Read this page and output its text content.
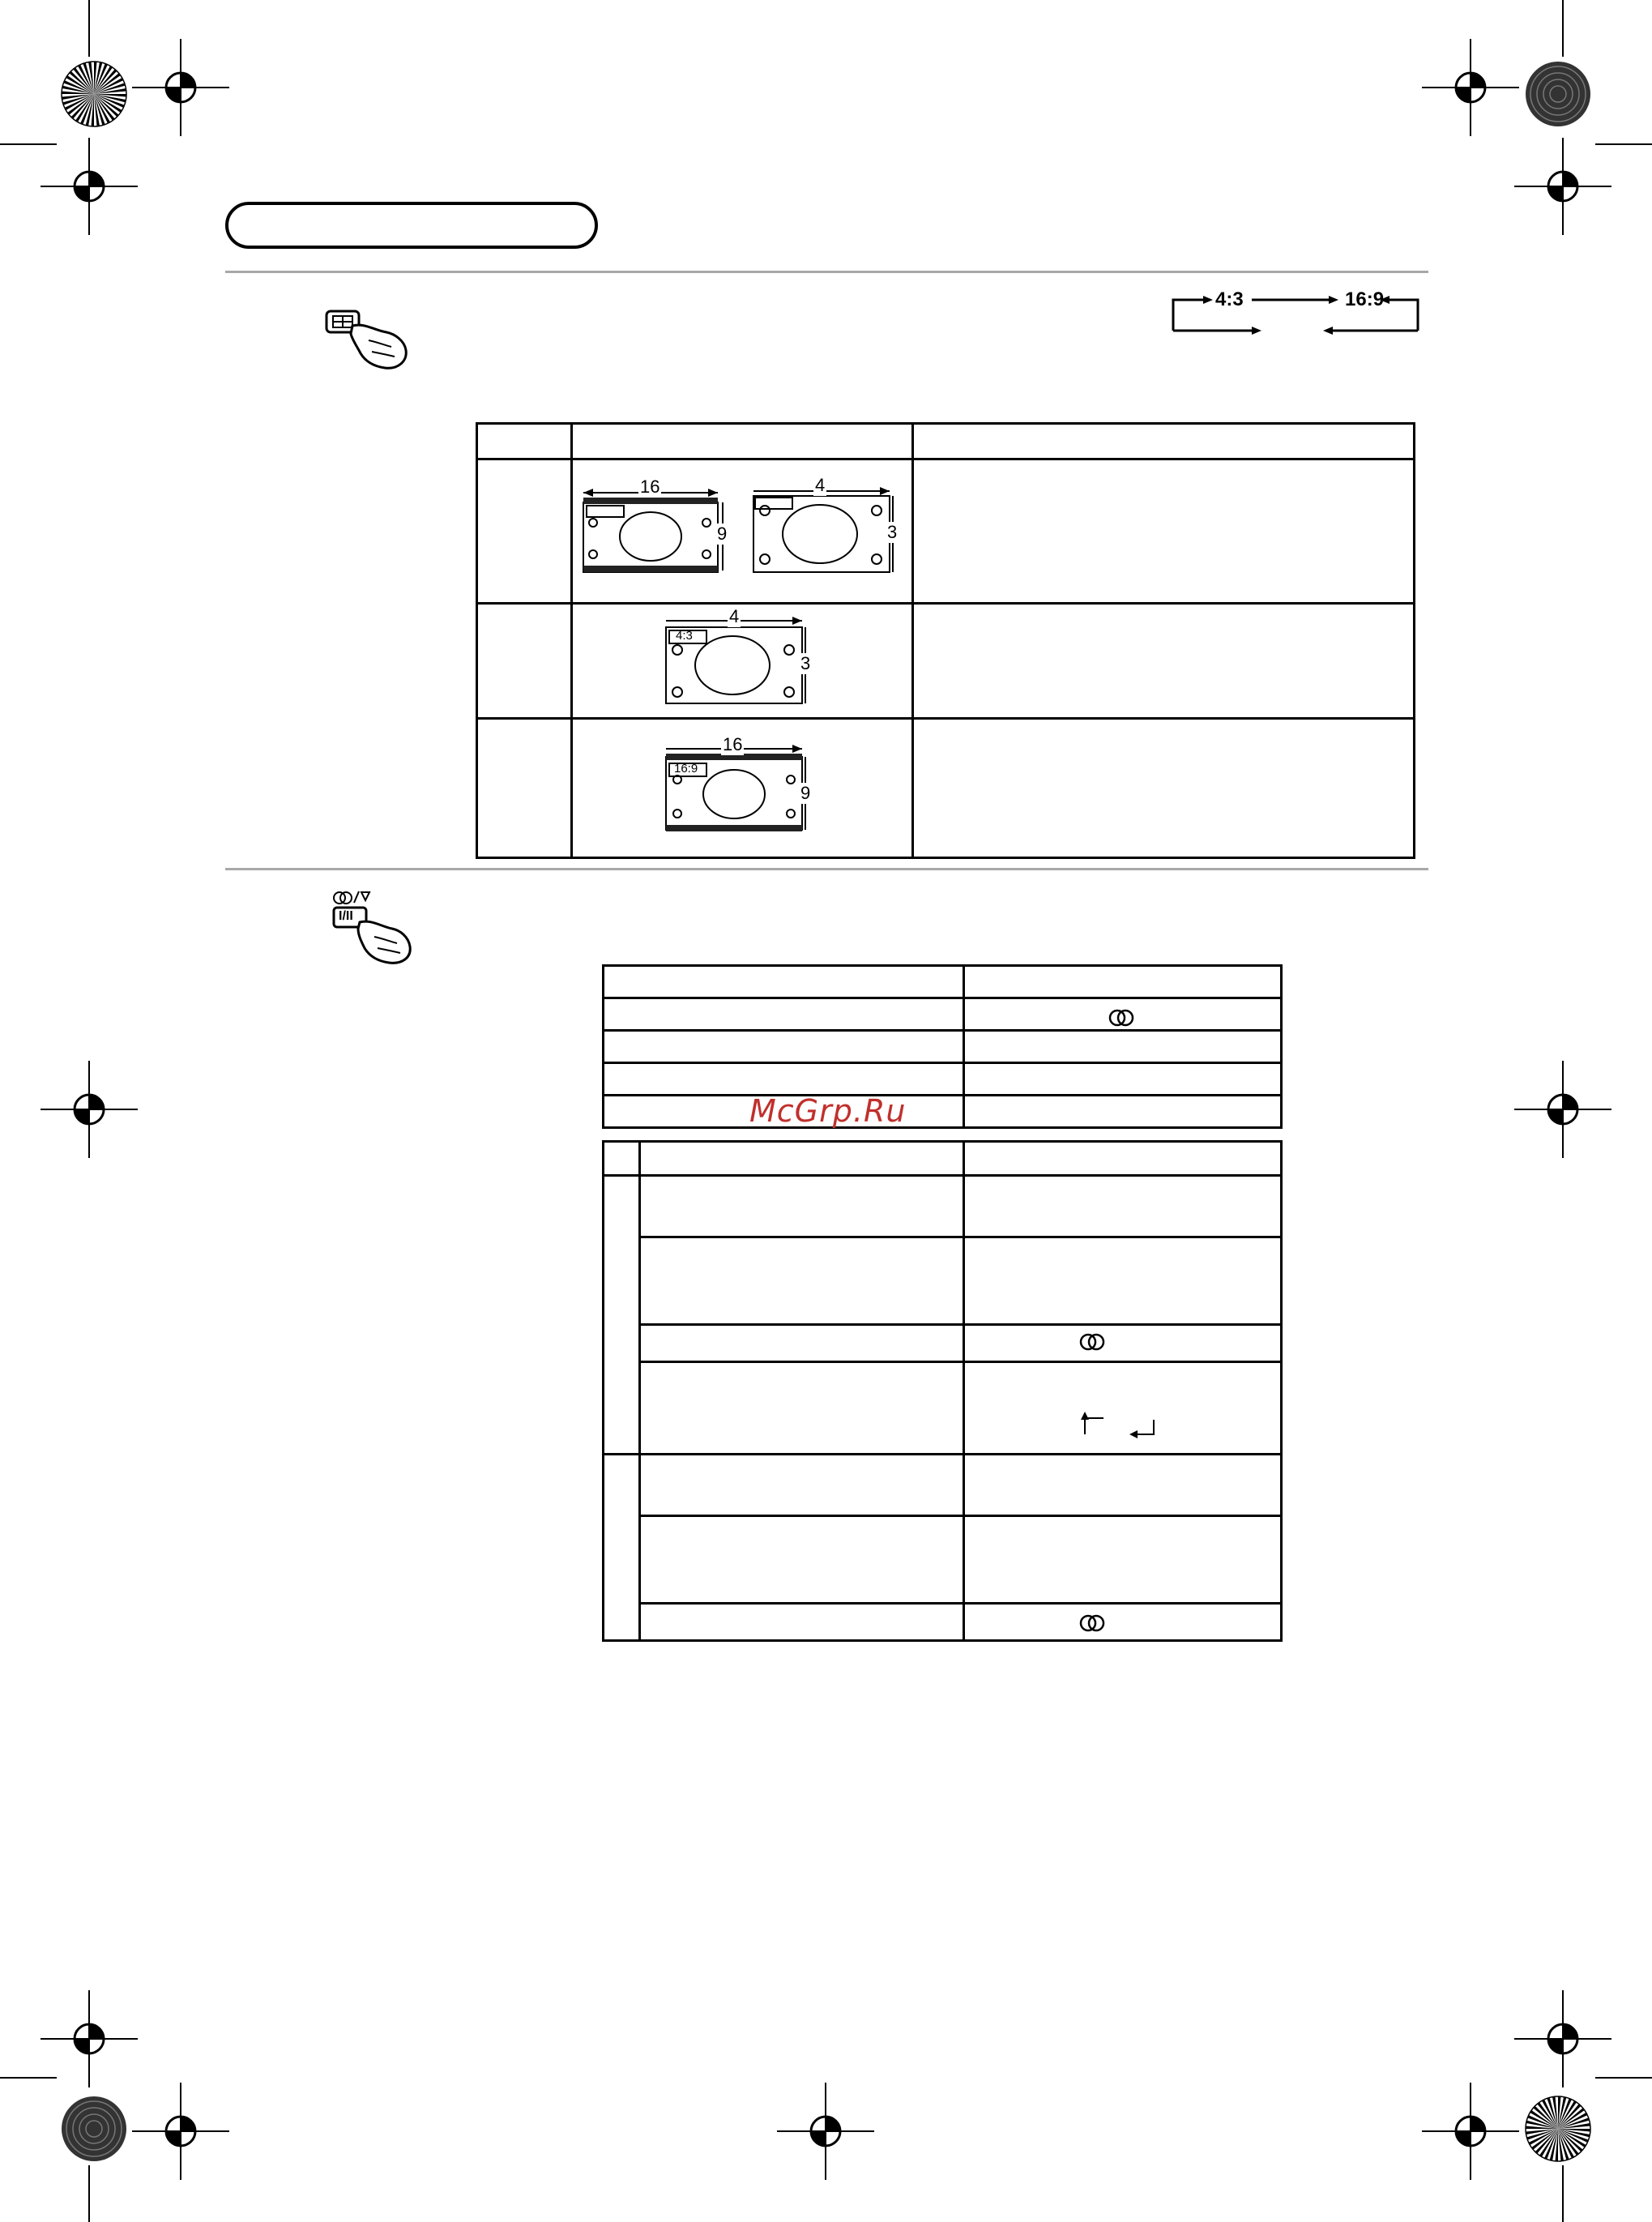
4:3	16:9

16
9
4
3
4
3
4:3
16
9
16:9
I/II

McGrp.Ru
